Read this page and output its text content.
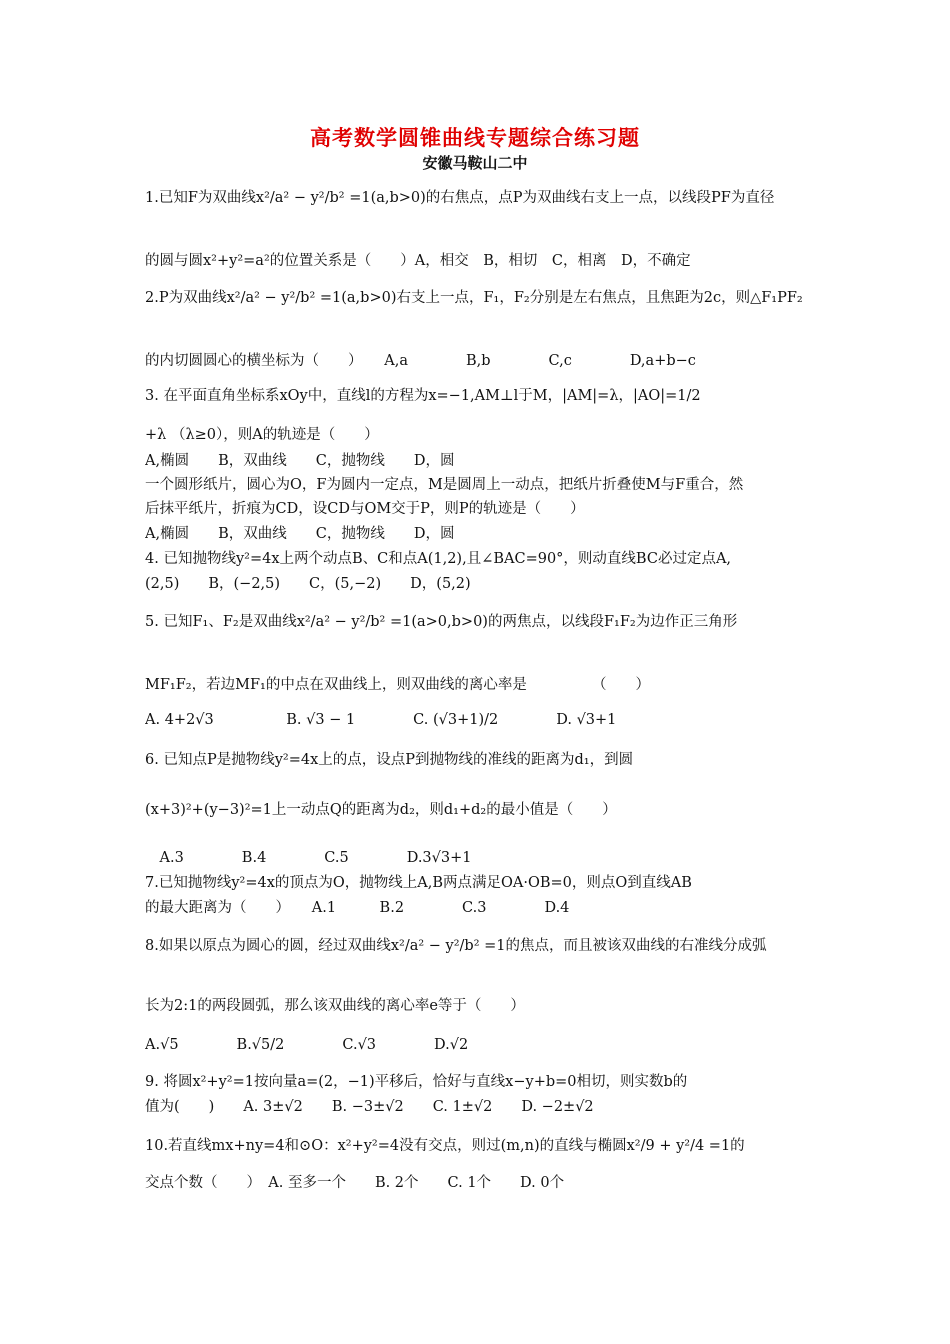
高考数学圆锥曲线专题综合练习题
安徽马鞍山二中
1.已知F为双曲线x²/a² − y²/b² =1(a,b>0)的右焦点，点P为双曲线右支上一点，以线段PF为直径
的圆与圆x²+y²=a²的位置关系是（　　）A，相交　B，相切　C，相离　D，不确定
2.P为双曲线x²/a² − y²/b² =1(a,b>0)右支上一点，F₁，F₂分别是左右焦点，且焦距为2c，则△F₁PF₂
的内切圆圆心的横坐标为（　　）　　A,a　　　　B,b　　　　C,c　　　　D,a+b−c
3. 在平面直角坐标系xOy中，直线l的方程为x=−1,AM⊥l于M，|AM|=λ，|AO|=1/2
+λ （λ≥0），则A的轨迹是（　　）
A,椭圆　　B，双曲线　　C，抛物线　　D，圆
一个圆形纸片，圆心为O，F为圆内一定点，M是圆周上一动点，把纸片折叠使M与F重合，然
后抹平纸片，折痕为CD，设CD与OM交于P，则P的轨迹是（　　）
A,椭圆　　B，双曲线　　C，抛物线　　D，圆
4. 已知抛物线y²=4x上两个动点B、C和点A(1,2),且∠BAC=90°，则动直线BC必过定点A,
(2,5)　　B，(−2,5)　　C，(5,−2)　　D，(5,2)
5. 已知F₁、F₂是双曲线x²/a² − y²/b² =1(a>0,b>0)的两焦点，以线段F₁F₂为边作正三角形
MF₁F₂，若边MF₁的中点在双曲线上，则双曲线的离心率是　　　　　（　　）
A. 4+2√3　　　　　B. √3 − 1　　　　C. (√3+1)/2　　　　D. √3+1
6. 已知点P是抛物线y²=4x上的点，设点P到抛物线的准线的距离为d₁，到圆
(x+3)²+(y−3)²=1上一动点Q的距离为d₂，则d₁+d₂的最小值是（　　）
　A.3　　　　B.4　　　　C.5　　　　D.3√3+1
7.已知抛物线y²=4x的顶点为O，抛物线上A,B两点满足OA·OB=0，则点O到直线AB
的最大距离为（　　）　　A.1　　　B.2　　　　C.3　　　　D.4
8.如果以原点为圆心的圆，经过双曲线x²/a² − y²/b² =1的焦点，而且被该双曲线的右准线分成弧
长为2:1的两段圆弧，那么该双曲线的离心率e等于（　　）
A.√5　　　　B.√5/2　　　　C.√3　　　　D.√2
9. 将圆x²+y²=1按向量a=(2，−1)平移后，恰好与直线x−y+b=0相切，则实数b的
值为(　　)　　A. 3±√2　　B. −3±√2　　C. 1±√2　　D. −2±√2
10.若直线mx+ny=4和⊙O：x²+y²=4没有交点，则过(m,n)的直线与椭圆x²/9 + y²/4 =1的
交点个数（　　）　A. 至多一个　　B. 2个　　C. 1个　　D. 0个
